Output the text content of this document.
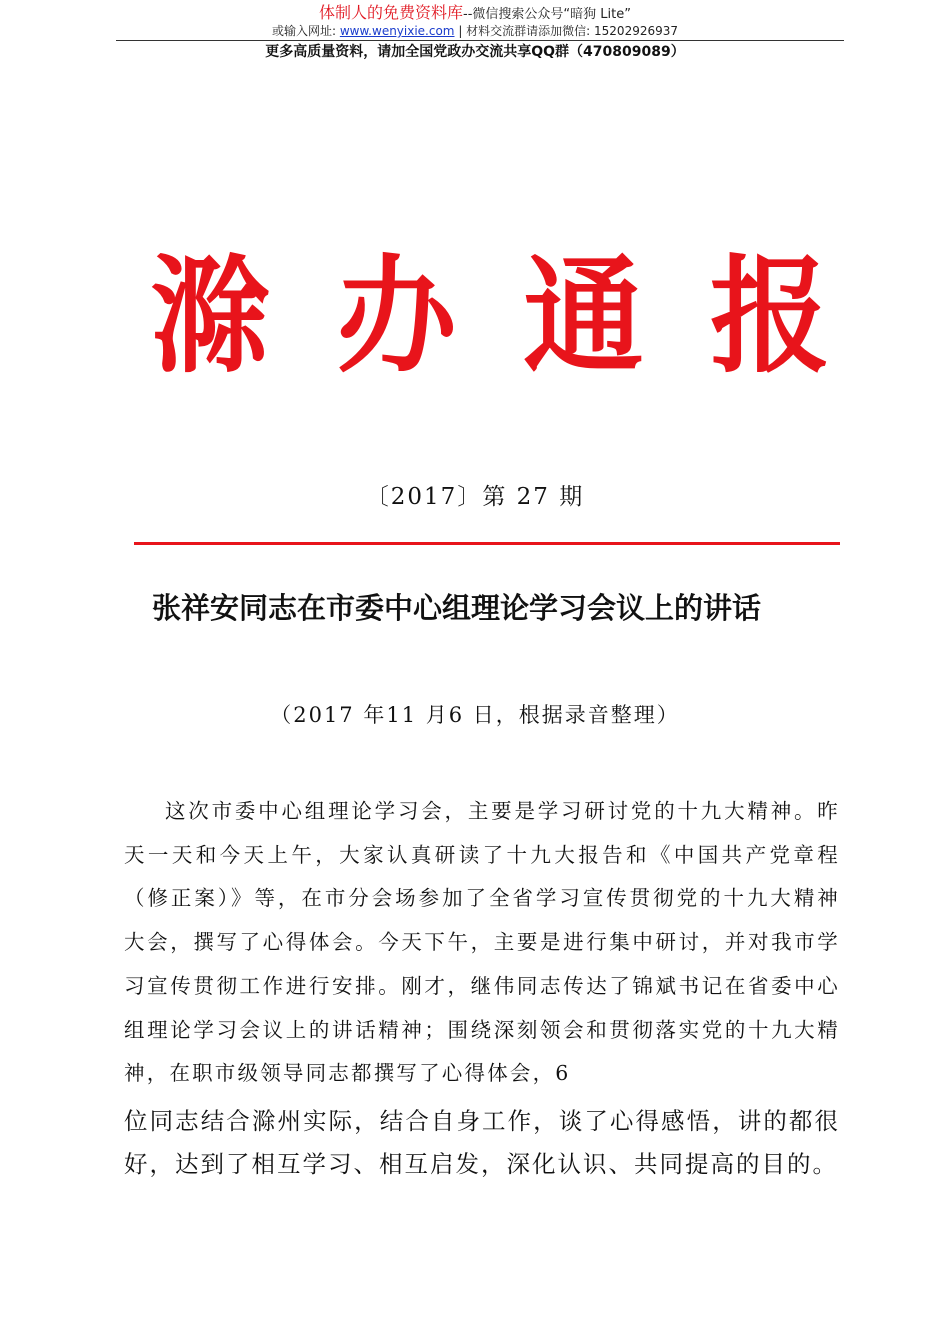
体制人的免费资料库--微信搜索公众号“暗狗 Lite”
或输入网址: www.wenyixie.com | 材料交流群请添加微信: 15202926937
更多高质量资料，请加全国党政办交流共享QQ群（470809089）
滁 办 通 报
〔2017〕第 27 期
张祥安同志在市委中心组理论学习会议上的讲话
（2017 年11 月6 日，根据录音整理）

这次市委中心组理论学习会，主要是学习研讨党的十九大精神。昨天一天和今天上午，大家认真研读了十九大报告和《中国共产党章程（修正案）》等，在市分会场参加了全省学习宣传贯彻党的十九大精神大会，撰写了心得体会。今天下午，主要是进行集中研讨，并对我市学习宣传贯彻工作进行安排。刚才，继伟同志传达了锦斌书记在省委中心组理论学习会议上的讲话精神；围绕深刻领会和贯彻落实党的十九大精神，在职市级领导同志都撰写了心得体会，6

位同志结合滁州实际，结合自身工作，谈了心得感悟，讲的都很好，达到了相互学习、相互启发，深化认识、共同提高的目的。
